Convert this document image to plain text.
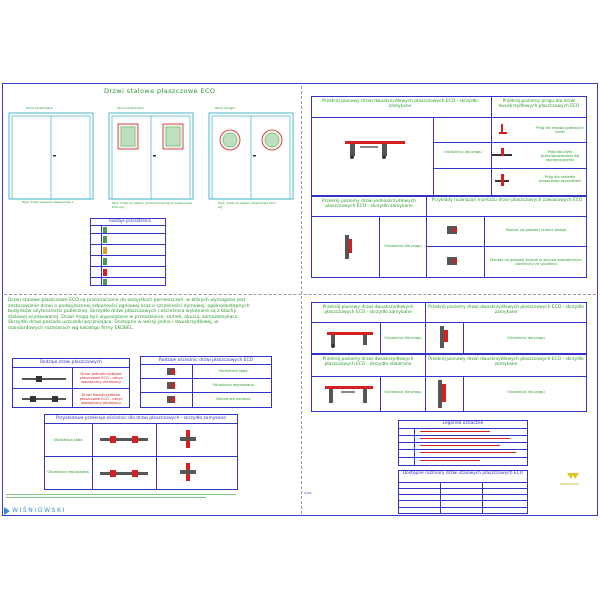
Drzwi stalowe płaszczowe ECO
Okna prostokątne	Okna prostokątne	Okna okrągłe
Wyk. drzwi wełniane płaszczowe z	Wyk. drzwi ze szkłem przeciwpożarowym płaszczowe ECO wg
Wyk. drzwi ze szkłem płaszczowe ECO wg
Rodzaje przeszklenia
Przekrój pionowy drzwi dwuskrzydłowych płaszczowych ECO - skrzydło zamykane
Przekrój poziomy progu dla drzwi dwuskrzydłowych płaszczowych ECO
Ościeżnica dla progu
Próg dla dwuskrzydłowych drzwi
Próg dla płyty przeciwpożarowej dla wycięcia/profilu
Próg dla szkiełka płaszczowe skrzydłowe
Przekrój poziomy drzwi jednoskrzydłowych płaszczowych ECO - skrzydło zamykane
Przykłady rozwiązań montażu drzwi płaszczowych zawiasowych ECO
Ościeżnica dla progu
Montaż na gotowej ścianie wersja
Montaż na gotowej ścianie w obrysie zewnętrznym ościeżnicy ze szczeliną
Drzwi stalowe płaszczowe ECO są przeznaczone do wszystkich pomieszczeń, w których wymagane jest zastosowanie drzwi o podwyższonej odporności ogniowej oraz o szczelności dymowej, ogólnodostępnych budynków użyteczności publicznej. Skrzydło drzwi płaszczowych i ościeżnica wykonane są z blachy stalowej ocynkowanej. Drzwi mogą być wyposażone w przeszklenie, zamek, okucia, samozamykacz. Skrzydło drzwi posiada uszczelki pęczniejące. Dostępne w wersji jedno i dwuskrzydłowej, w standardowych rozmiarach wg katalogu firmy EKOBEL.
Rodzaje drzwi płaszczowych
Drzwi jednoskrzydłowe płaszczowe ECO - obrys zewnętrzny ościeżnicy
Drzwi dwuskrzydłowe płaszczowe ECO - obrys zewnętrzny ościeżnicy
Rodzaje ościeżnic drzwi płaszczowych ECO
Ościeżnica stała
Ościeżnica regulowana
Ościeżnica narożna
Przykładowe przekroje ościeżnic dla drzwi płaszczowych - skrzydło zamykane
Ościeżnica stała
Ościeżnica regulowana
WIŚNIOWSKI
Przekrój pionowy drzwi dwuskrzydłowych płaszczowych ECO - skrzydło zamykane
Przekrój poziomy drzwi dwuskrzydłowych płaszczowych ECO - skrzydło zamykane
Ościeżnica dla progu	Ościeżnica dla progu
Przekrój poziomy drzwi dwuskrzydłowych płaszczowych ECO - skrzydło otwierane
Przekrój pionowy drzwi dwuskrzydłowych płaszczowych ECO - skrzydło zamykane
Ościeżnica dla progu	Ościeżnica dla progu
Legenda oznaczeń
Dostępne rozmiary drzwi stalowych płaszczowych ECO
WIŚNIOWSKI
A.P.S.
